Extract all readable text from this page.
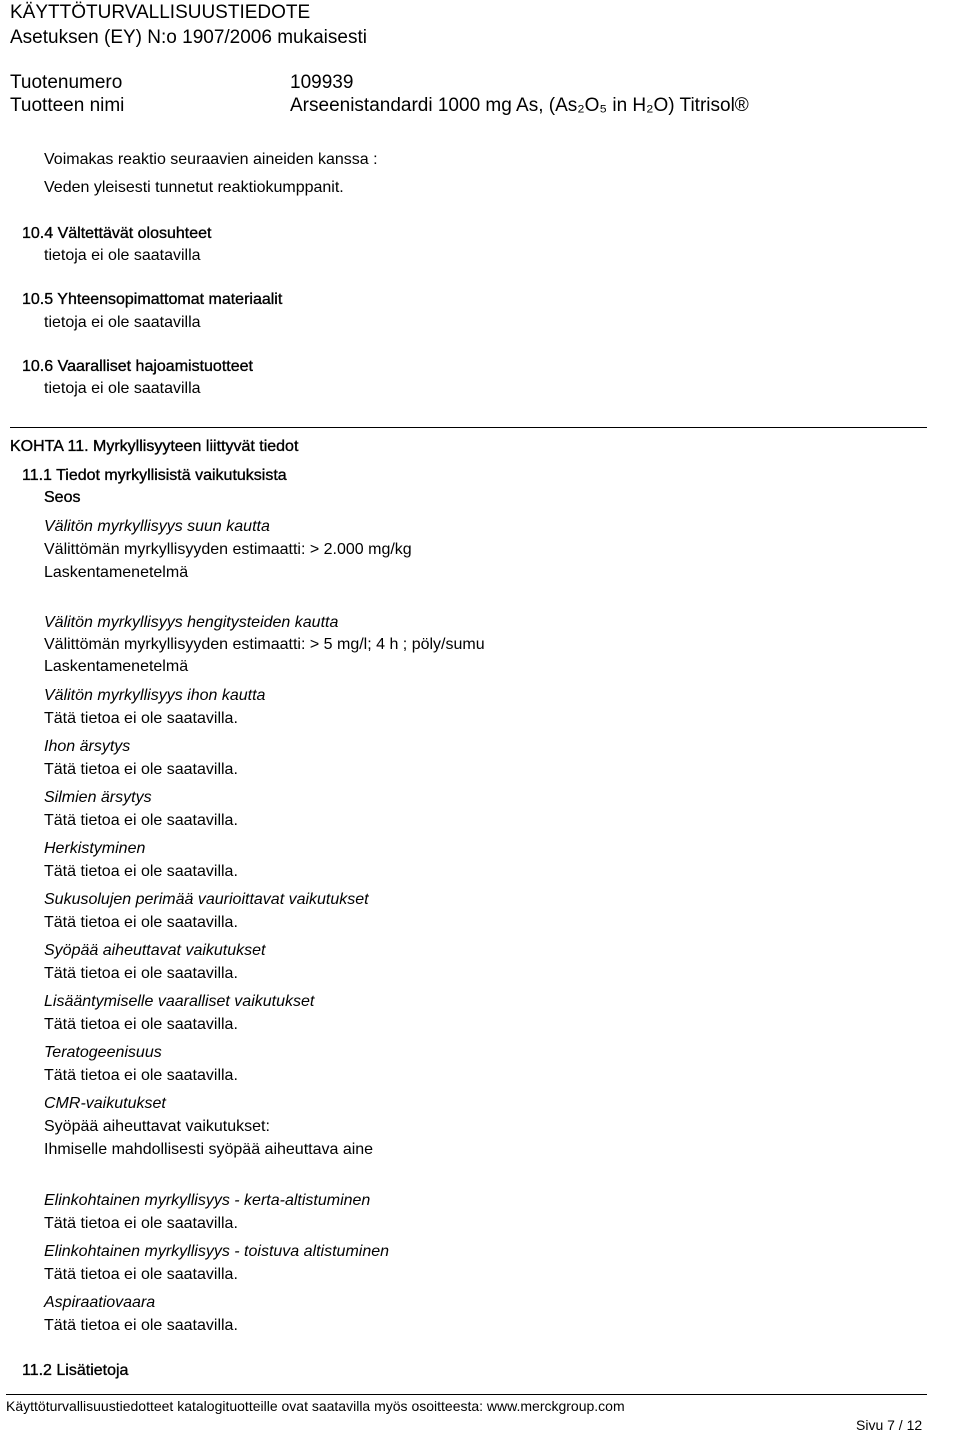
KÄYTTÖTURVALLISUUSTIEDOTE
Asetuksen (EY) N:o 1907/2006 mukaisesti
Tuotenumero	109939
Tuotteen nimi	Arseenistandardi 1000 mg As, (As₂O₅ in H₂O) Titrisol®
Voimakas reaktio seuraavien aineiden kanssa :
Veden yleisesti tunnetut reaktiokumppanit.
10.4 Vältettävät olosuhteet
tietoja ei ole saatavilla
10.5 Yhteensopimattomat materiaalit
tietoja ei ole saatavilla
10.6 Vaaralliset hajoamistuotteet
tietoja ei ole saatavilla
KOHTA 11. Myrkyllisyyteen liittyvät tiedot
11.1 Tiedot myrkyllisistä vaikutuksista
Seos
Välitön myrkyllisyys suun kautta
Välittömän myrkyllisyyden estimaatti: > 2.000 mg/kg
Laskentamenetelmä
Välitön myrkyllisyys hengitysteiden kautta
Välittömän myrkyllisyyden estimaatti: > 5 mg/l; 4 h ; pöly/sumu
Laskentamenetelmä
Välitön myrkyllisyys ihon kautta
Tätä tietoa ei ole saatavilla.
Ihon ärsytys
Tätä tietoa ei ole saatavilla.
Silmien ärsytys
Tätä tietoa ei ole saatavilla.
Herkistyminen
Tätä tietoa ei ole saatavilla.
Sukusolujen perimää vaurioittavat vaikutukset
Tätä tietoa ei ole saatavilla.
Syöpää aiheuttavat vaikutukset
Tätä tietoa ei ole saatavilla.
Lisääntymiselle vaaralliset vaikutukset
Tätä tietoa ei ole saatavilla.
Teratogeenisuus
Tätä tietoa ei ole saatavilla.
CMR-vaikutukset
Syöpää aiheuttavat vaikutukset:
Ihmiselle mahdollisesti syöpää aiheuttava aine
Elinkohtainen myrkyllisyys - kerta-altistuminen
Tätä tietoa ei ole saatavilla.
Elinkohtainen myrkyllisyys - toistuva altistuminen
Tätä tietoa ei ole saatavilla.
Aspiraatiovaara
Tätä tietoa ei ole saatavilla.
11.2 Lisätietoja
Käyttöturvallisuustiedotteet katalogituotteille ovat saatavilla myös osoitteesta: www.merckgroup.com
Sivu 7 / 12
